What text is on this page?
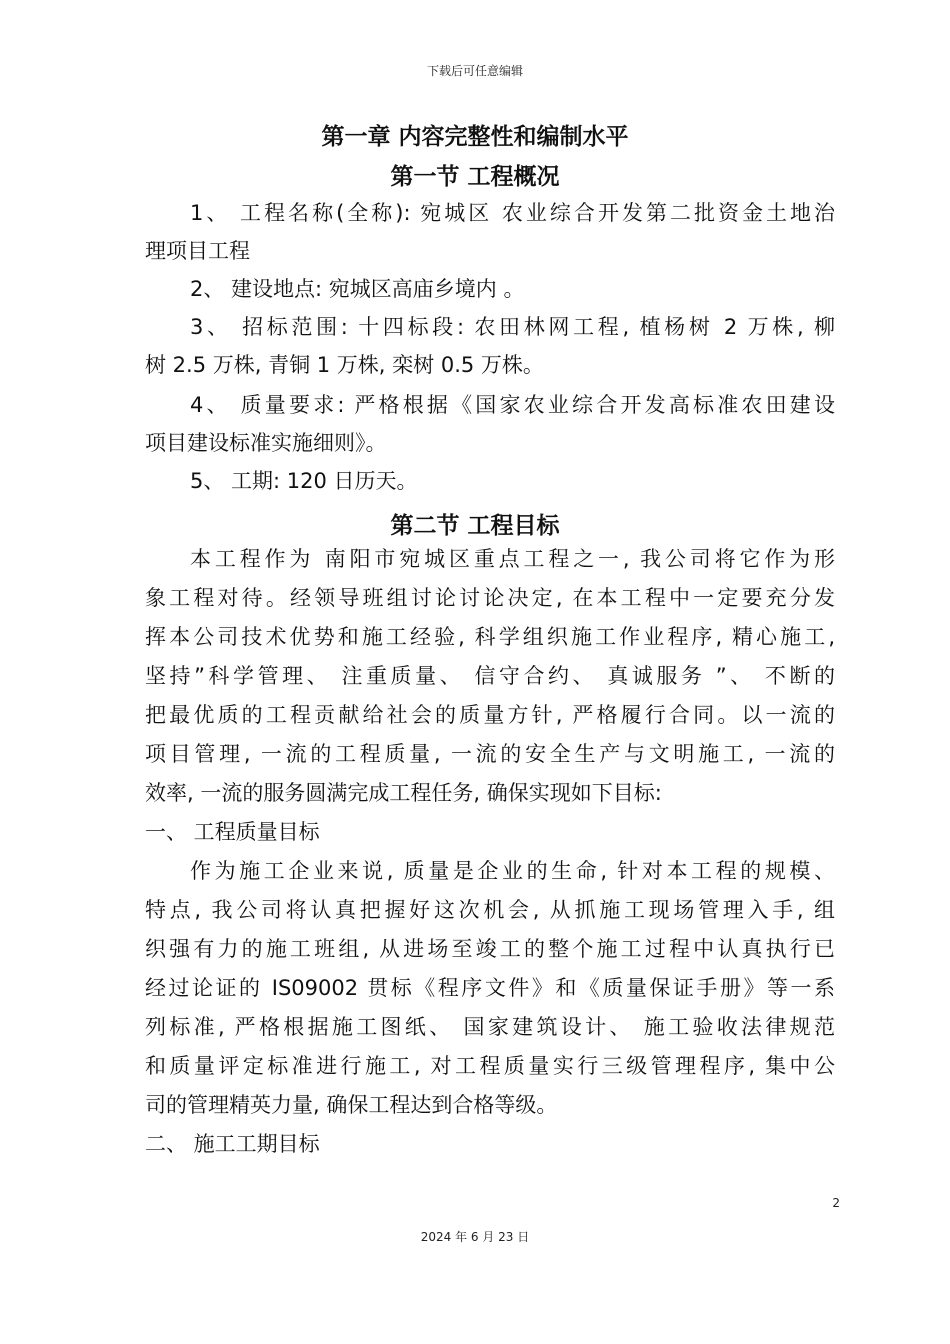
下载后可任意编辑
第一章 内容完整性和编制水平
第一节 工程概况
1、 工程名称(全称): 宛城区 农业综合开发第二批资金土地治
理项目工程
2、 建设地点: 宛城区高庙乡境内 。
3、 招标范围: 十四标段: 农田林网工程, 植杨树 2 万株, 柳
树 2.5 万株, 青铜 1 万株, 栾树 0.5 万株。
4、 质量要求: 严格根据《国家农业综合开发高标准农田建设
项目建设标准实施细则》。
5、 工期: 120 日历天。
第二节 工程目标
本工程作为 南阳市宛城区重点工程之一, 我公司将它作为形
象工程对待。经领导班组讨论讨论决定, 在本工程中一定要充分发
挥本公司技术优势和施工经验, 科学组织施工作业程序, 精心施工,
坚持”科学管理、 注重质量、 信守合约、 真诚服务 ”、 不断的
把最优质的工程贡献给社会的质量方针, 严格履行合同。以一流的
项目管理, 一流的工程质量, 一流的安全生产与文明施工, 一流的
效率, 一流的服务圆满完成工程任务, 确保实现如下目标:
一、 工程质量目标
作为施工企业来说, 质量是企业的生命, 针对本工程的规模、
特点, 我公司将认真把握好这次机会, 从抓施工现场管理入手, 组
织强有力的施工班组, 从进场至竣工的整个施工过程中认真执行已
经过论证的 IS09002 贯标《程序文件》和《质量保证手册》等一系
列标准, 严格根据施工图纸、 国家建筑设计、 施工验收法律规范
和质量评定标准进行施工, 对工程质量实行三级管理程序, 集中公
司的管理精英力量, 确保工程达到合格等级。
二、 施工工期目标
2
2024 年 6 月 23 日
